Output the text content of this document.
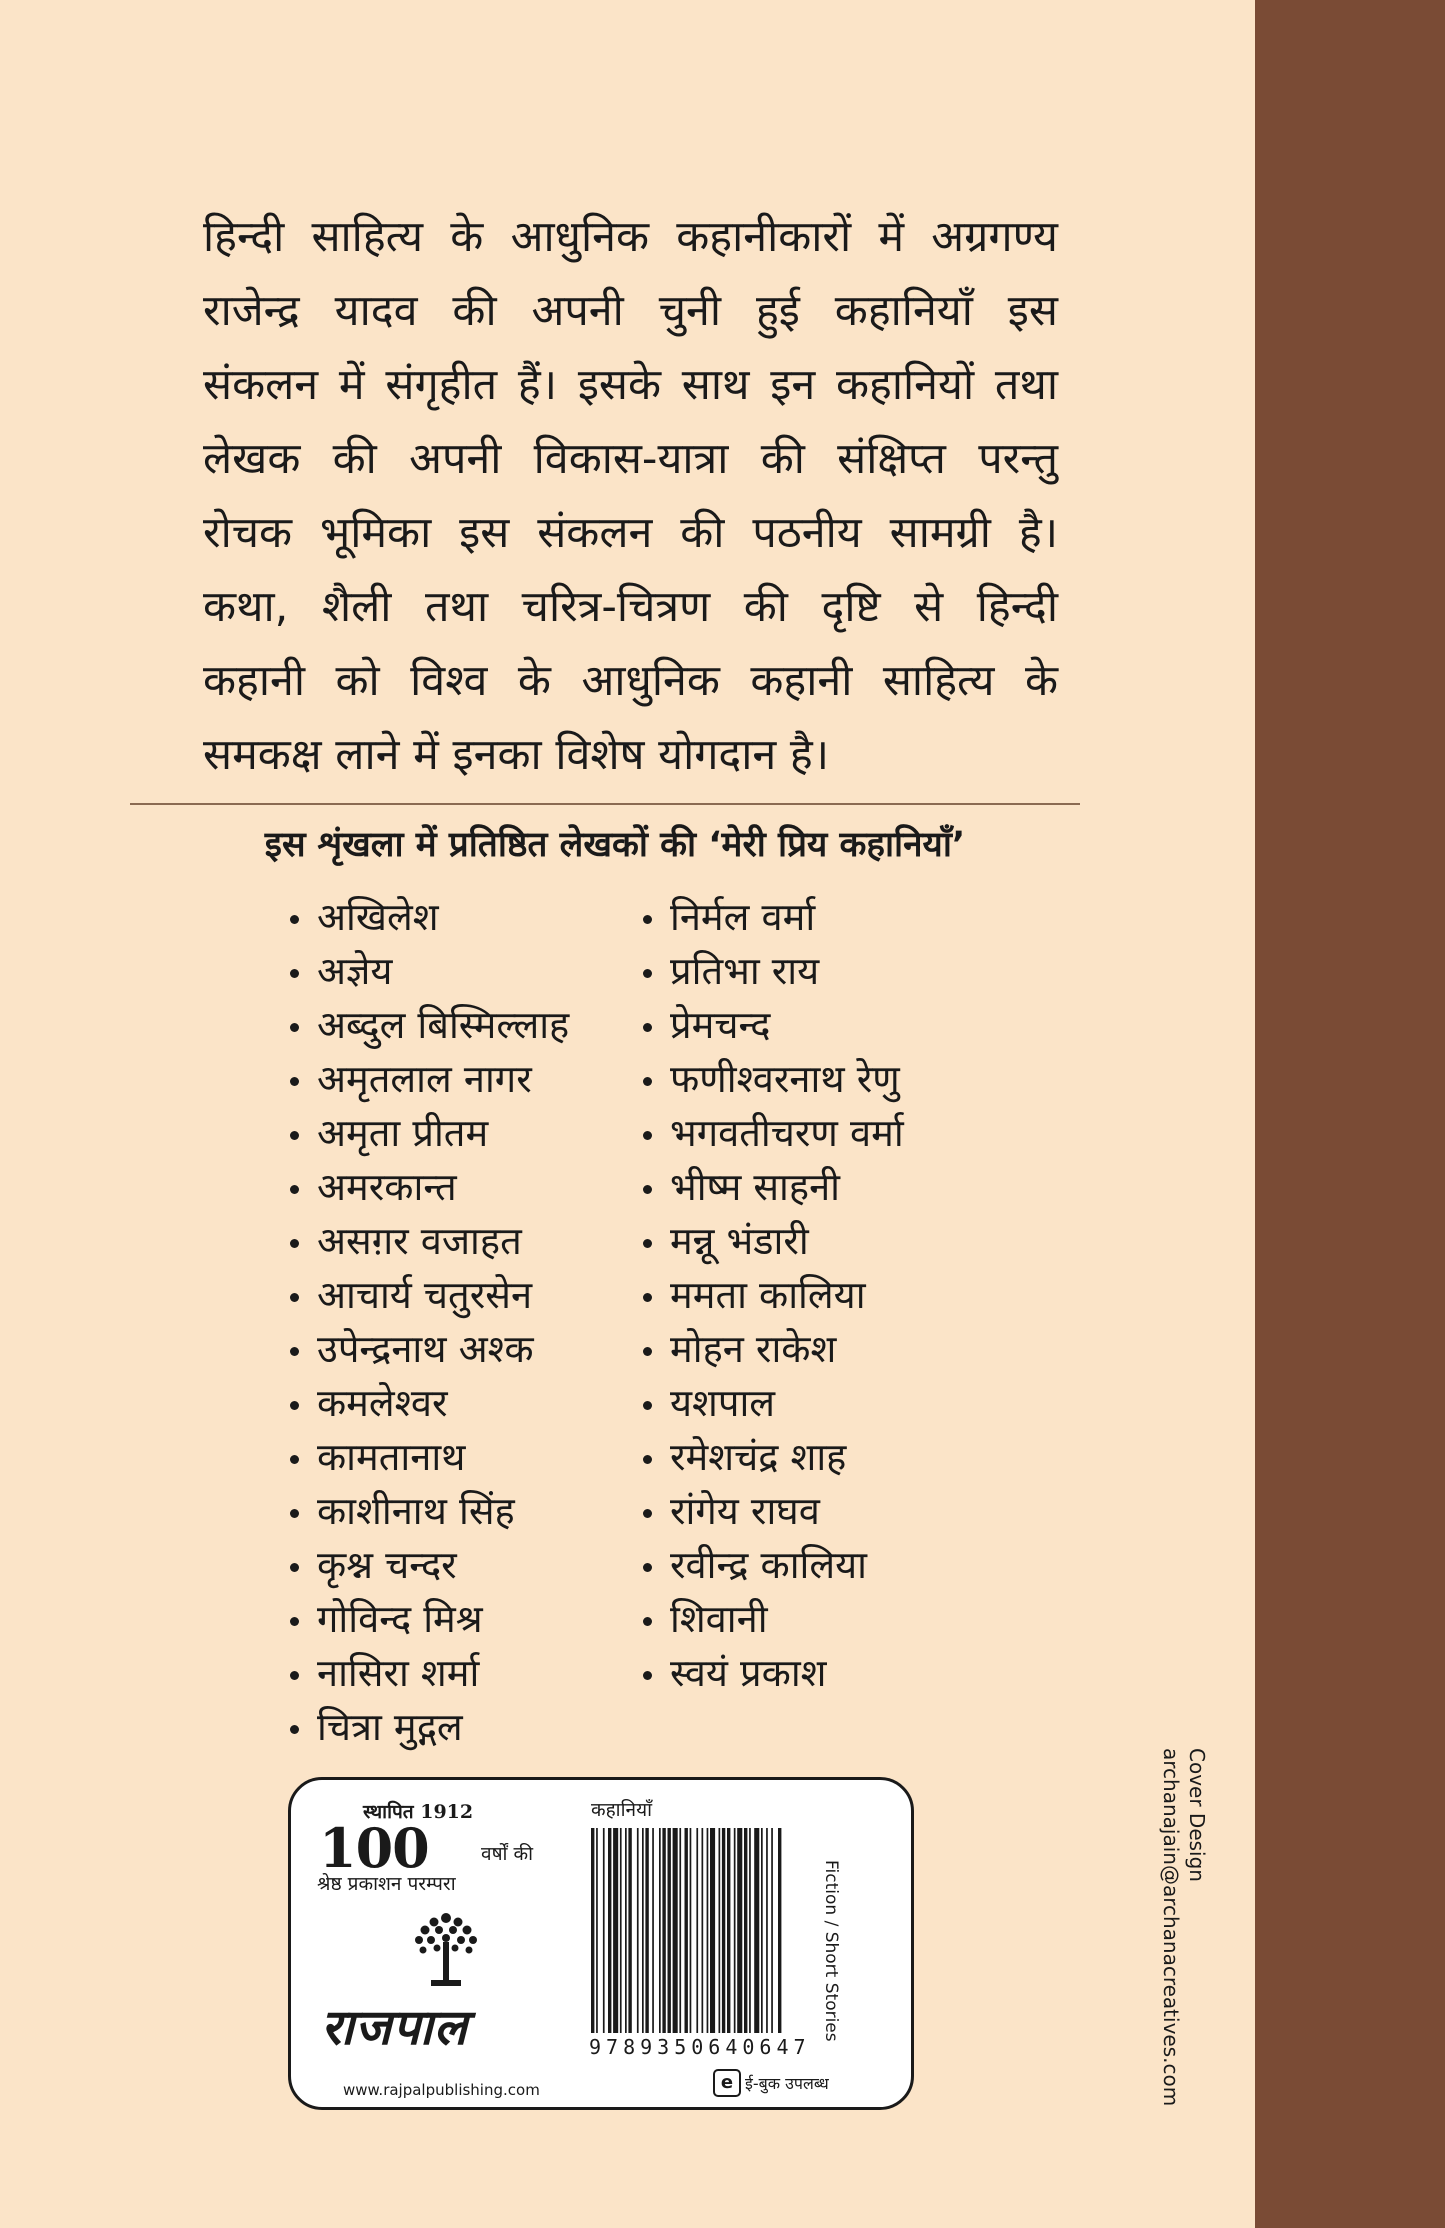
हिन्दी साहित्य के आधुनिक कहानीकारों में अग्रगण्य
राजेन्द्र यादव की अपनी चुनी हुई कहानियाँ इस
संकलन में संगृहीत हैं। इसके साथ इन कहानियों तथा
लेखक की अपनी विकास-यात्रा की संक्षिप्त परन्तु
रोचक भूमिका इस संकलन की पठनीय सामग्री है।
कथा, शैली तथा चरित्र-चित्रण की दृष्टि से हिन्दी
कहानी को विश्व के आधुनिक कहानी साहित्य के
समकक्ष लाने में इनका विशेष योगदान है।
इस शृंखला में प्रतिष्ठित लेखकों की ‘मेरी प्रिय कहानियाँ’
अखिलेश
अज्ञेय
अब्दुल बिस्मिल्लाह
अमृतलाल नागर
अमृता प्रीतम
अमरकान्त
असग़र वजाहत
आचार्य चतुरसेन
उपेन्द्रनाथ अश्क
कमलेश्वर
कामतानाथ
काशीनाथ सिंह
कृश्न चन्दर
गोविन्द मिश्र
नासिरा शर्मा
चित्रा मुद्गल
निर्मल वर्मा
प्रतिभा राय
प्रेमचन्द
फणीश्वरनाथ रेणु
भगवतीचरण वर्मा
भीष्म साहनी
मन्नू भंडारी
ममता कालिया
मोहन राकेश
यशपाल
रमेशचंद्र शाह
रांगेय राघव
रवीन्द्र कालिया
शिवानी
स्वयं प्रकाश
स्थापित 1912
100	वर्षों की
श्रेष्ठ प्रकाशन परम्परा
राजपाल
www.rajpalpublishing.com
कहानियाँ
9789350640647
e ई-बुक उपलब्ध
Fiction / Short Stories
Cover Design
archanajain@archanacreatives.com
